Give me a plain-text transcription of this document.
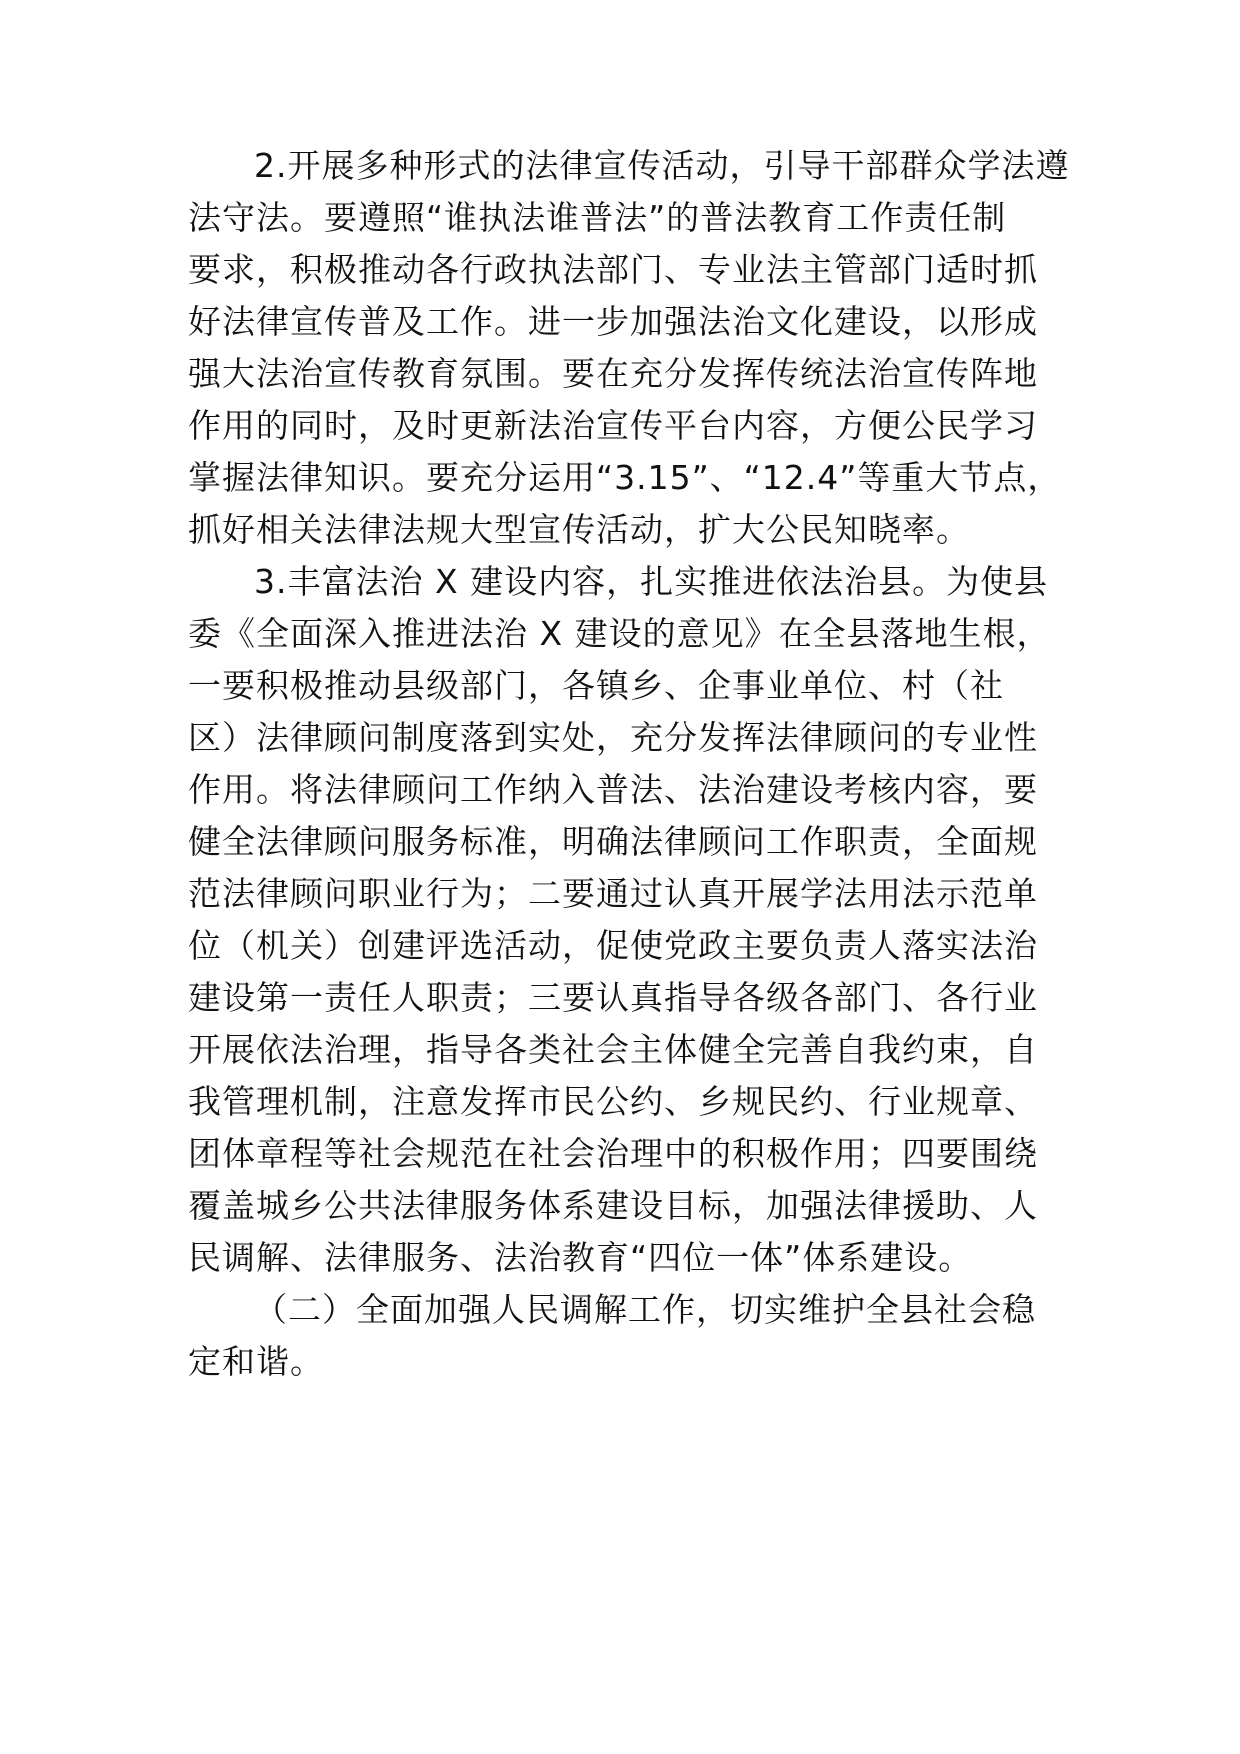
2.开展多种形式的法律宣传活动，引导干部群众学法遵

法守法。要遵照“谁执法谁普法”的普法教育工作责任制

要求，积极推动各行政执法部门、专业法主管部门适时抓

好法律宣传普及工作。进一步加强法治文化建设，以形成

强大法治宣传教育氛围。要在充分发挥传统法治宣传阵地

作用的同时，及时更新法治宣传平台内容，方便公民学习

掌握法律知识。要充分运用“3.15”、“12.4”等重大节点，

抓好相关法律法规大型宣传活动，扩大公民知晓率。

3.丰富法治 X 建设内容，扎实推进依法治县。为使县

委《全面深入推进法治 X 建设的意见》在全县落地生根，

一要积极推动县级部门，各镇乡、企事业单位、村（社

区）法律顾问制度落到实处，充分发挥法律顾问的专业性

作用。将法律顾问工作纳入普法、法治建设考核内容，要

健全法律顾问服务标准，明确法律顾问工作职责，全面规

范法律顾问职业行为；二要通过认真开展学法用法示范单

位（机关）创建评选活动，促使党政主要负责人落实法治

建设第一责任人职责；三要认真指导各级各部门、各行业

开展依法治理，指导各类社会主体健全完善自我约束，自

我管理机制，注意发挥市民公约、乡规民约、行业规章、

团体章程等社会规范在社会治理中的积极作用；四要围绕

覆盖城乡公共法律服务体系建设目标，加强法律援助、人

民调解、法律服务、法治教育“四位一体”体系建设。

（二）全面加强人民调解工作，切实维护全县社会稳

定和谐。
